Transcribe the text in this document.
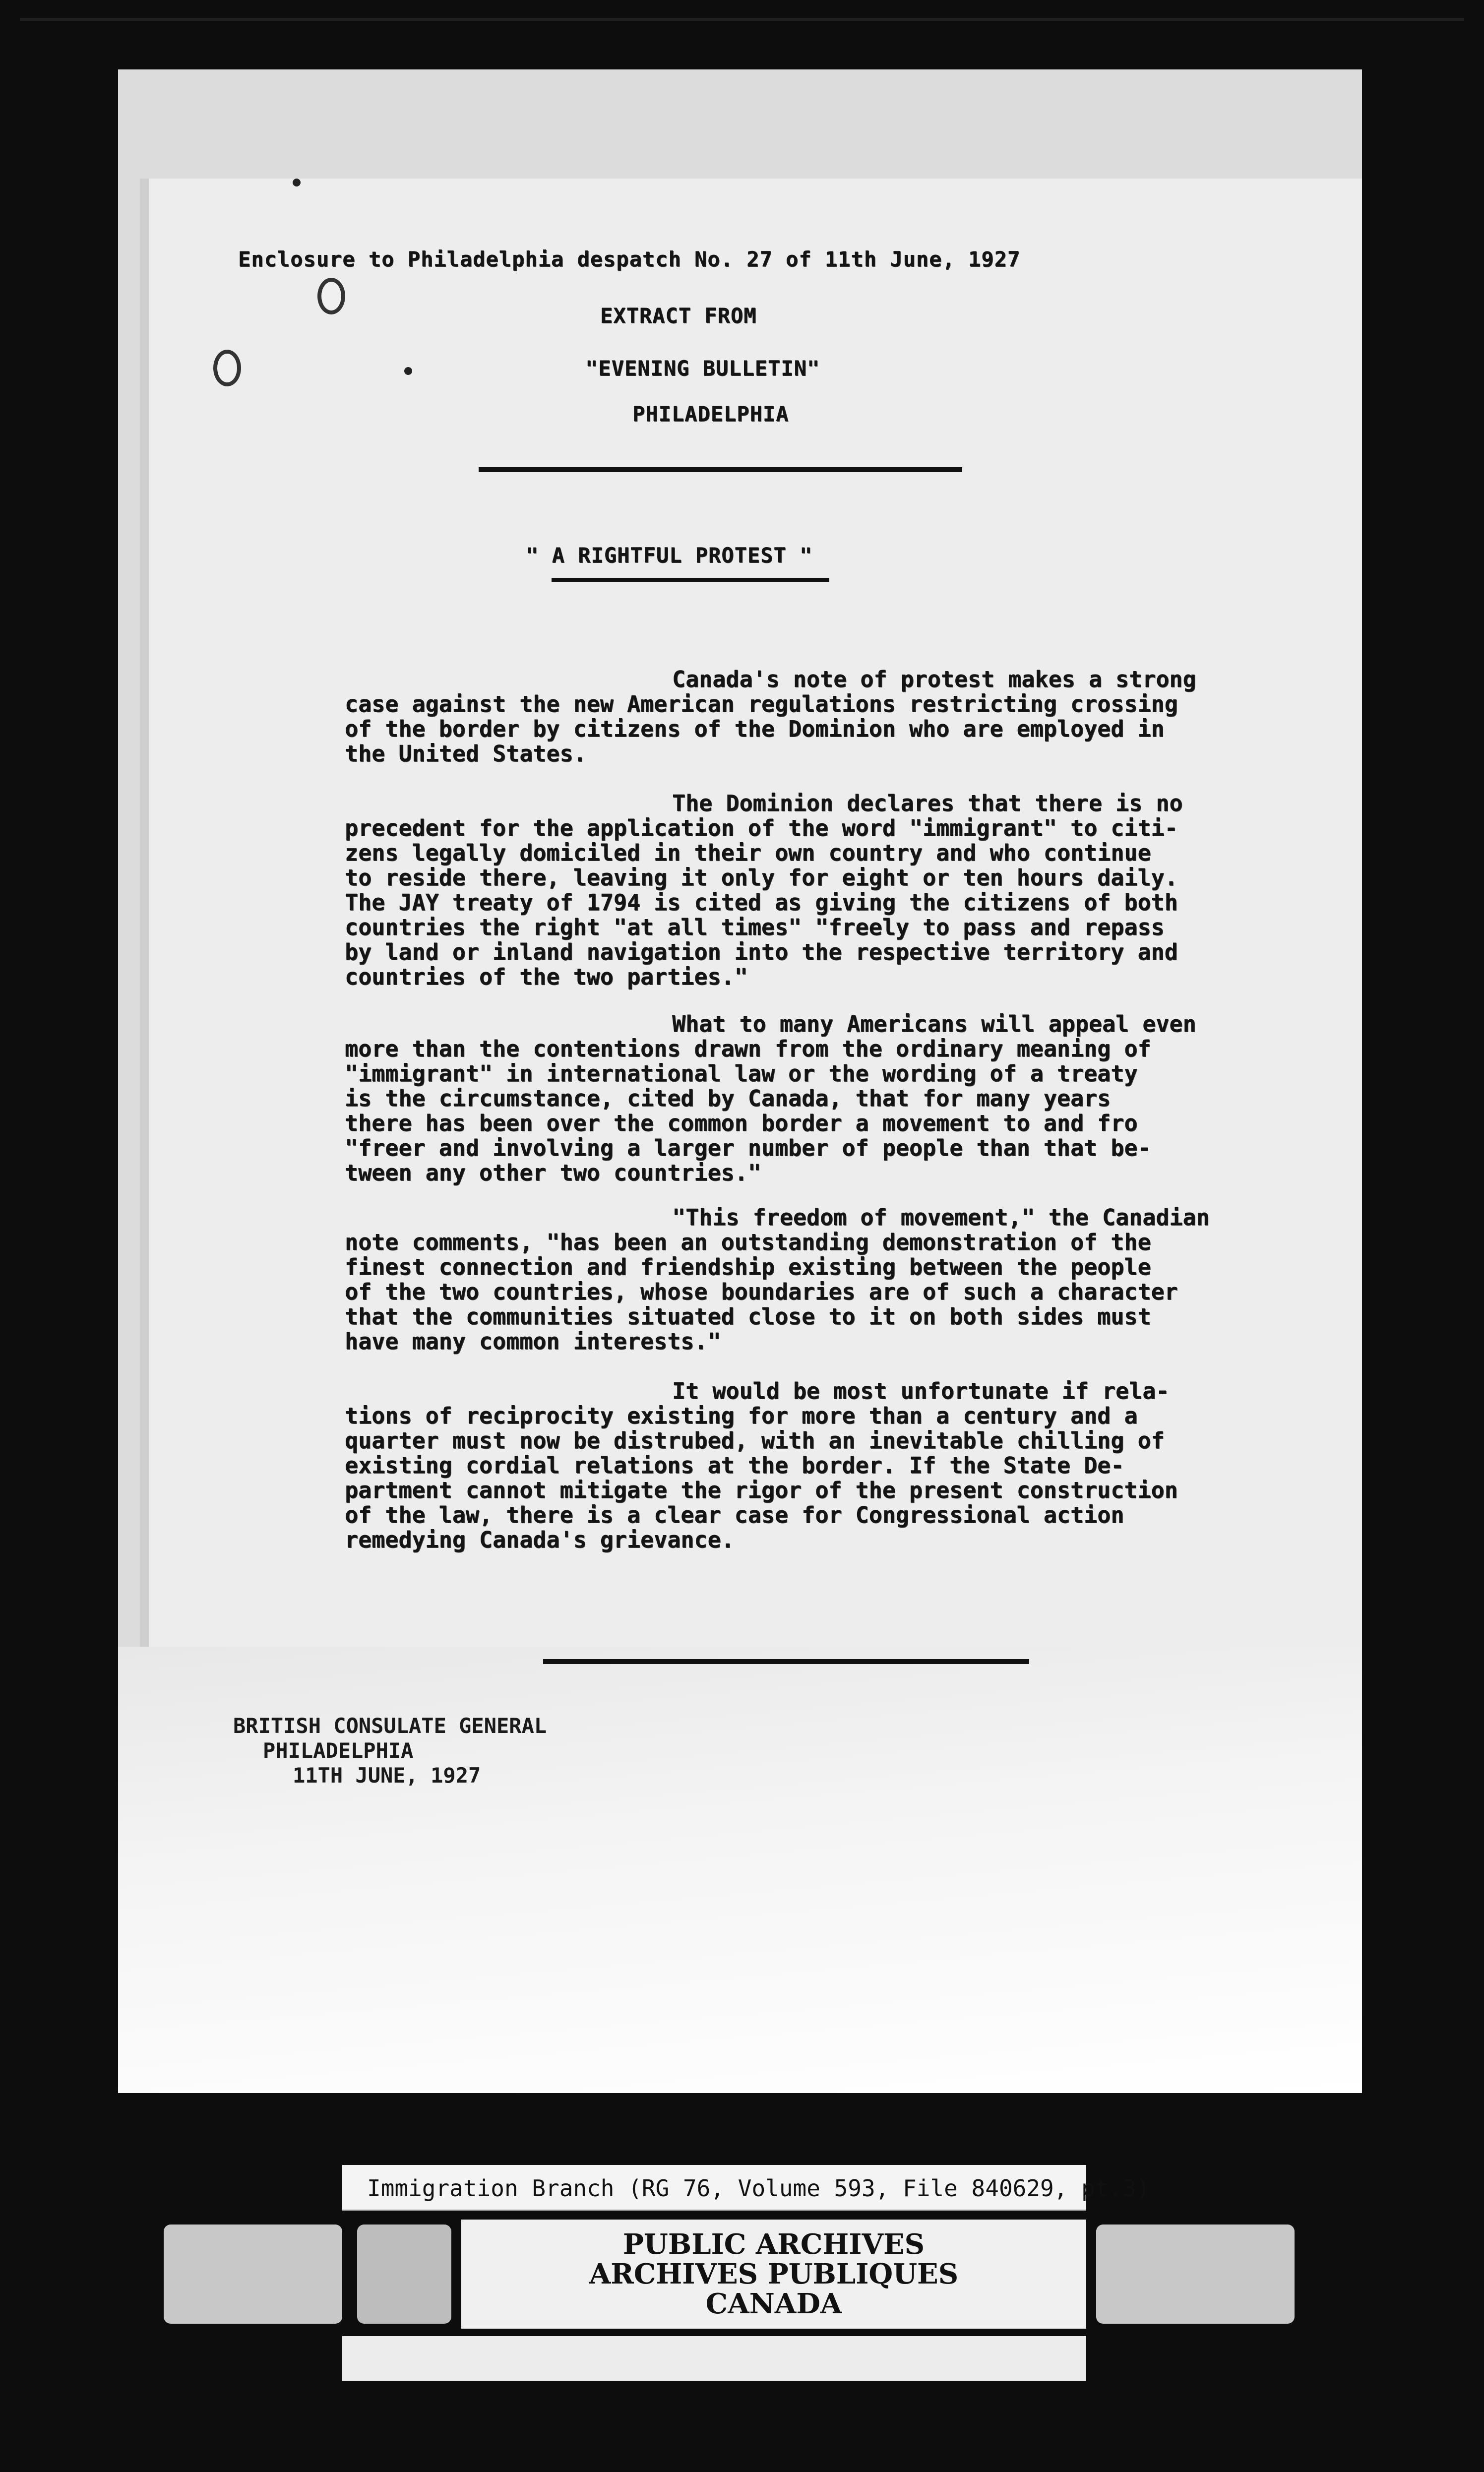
Enclosure to Philadelphia despatch No. 27 of 11th June, 1927
EXTRACT FROM
"EVENING BULLETIN"
PHILADELPHIA
" A RIGHTFUL PROTEST "
Canada's note of protest makes a strong
case against the new American regulations restricting crossing
of the border by citizens of the Dominion who are employed in
the United States.
The Dominion declares that there is no
precedent for the application of the word "immigrant" to citi-
zens legally domiciled in their own country and who continue
to reside there, leaving it only for eight or ten hours daily.
The JAY treaty of 1794 is cited as giving the citizens of both
countries the right "at all times" "freely to pass and repass
by land or inland navigation into the respective territory and
countries of the two parties."
What to many Americans will appeal even
more than the contentions drawn from the ordinary meaning of
"immigrant" in international law or the wording of a treaty
is the circumstance, cited by Canada, that for many years
there has been over the common border a movement to and fro
"freer and involving a larger number of people than that be-
tween any other two countries."
"This freedom of movement," the Canadian
note comments, "has been an outstanding demonstration of the
finest connection and friendship existing between the people
of the two countries, whose boundaries are of such a character
that the communities situated close to it on both sides must
have many common interests."
It would be most unfortunate if rela-
tions of reciprocity existing for more than a century and a
quarter must now be distrubed, with an inevitable chilling of
existing cordial relations at the border. If the State De-
partment cannot mitigate the rigor of the present construction
of the law, there is a clear case for Congressional action
remedying Canada's grievance.
BRITISH CONSULATE GENERAL
PHILADELPHIA
11TH JUNE, 1927
Immigration Branch (RG 76, Volume 593, File 840629, pt.3)
PUBLIC ARCHIVES
ARCHIVES PUBLIQUES
CANADA
